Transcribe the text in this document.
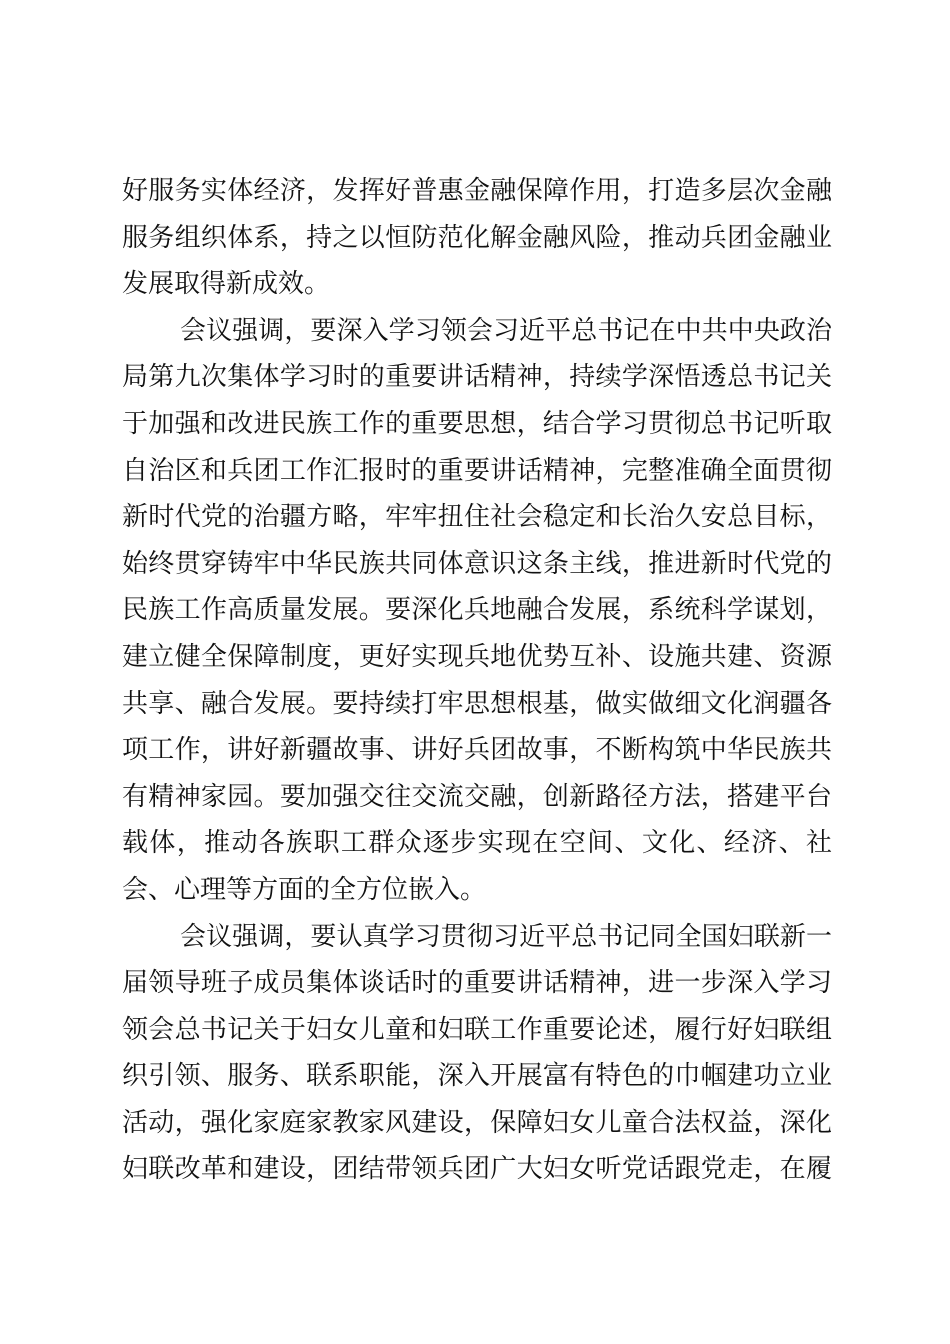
好服务实体经济，发挥好普惠金融保障作用，打造多层次金融
服务组织体系，持之以恒防范化解金融风险，推动兵团金融业
发展取得新成效。
会议强调，要深入学习领会习近平总书记在中共中央政治
局第九次集体学习时的重要讲话精神，持续学深悟透总书记关
于加强和改进民族工作的重要思想，结合学习贯彻总书记听取
自治区和兵团工作汇报时的重要讲话精神，完整准确全面贯彻
新时代党的治疆方略，牢牢扭住社会稳定和长治久安总目标，
始终贯穿铸牢中华民族共同体意识这条主线，推进新时代党的
民族工作高质量发展。要深化兵地融合发展，系统科学谋划，
建立健全保障制度，更好实现兵地优势互补、设施共建、资源
共享、融合发展。要持续打牢思想根基，做实做细文化润疆各
项工作，讲好新疆故事、讲好兵团故事，不断构筑中华民族共
有精神家园。要加强交往交流交融，创新路径方法，搭建平台
载体，推动各族职工群众逐步实现在空间、文化、经济、社
会、心理等方面的全方位嵌入。
会议强调，要认真学习贯彻习近平总书记同全国妇联新一
届领导班子成员集体谈话时的重要讲话精神，进一步深入学习
领会总书记关于妇女儿童和妇联工作重要论述，履行好妇联组
织引领、服务、联系职能，深入开展富有特色的巾帼建功立业
活动，强化家庭家教家风建设，保障妇女儿童合法权益，深化
妇联改革和建设，团结带领兵团广大妇女听党话跟党走，在履
